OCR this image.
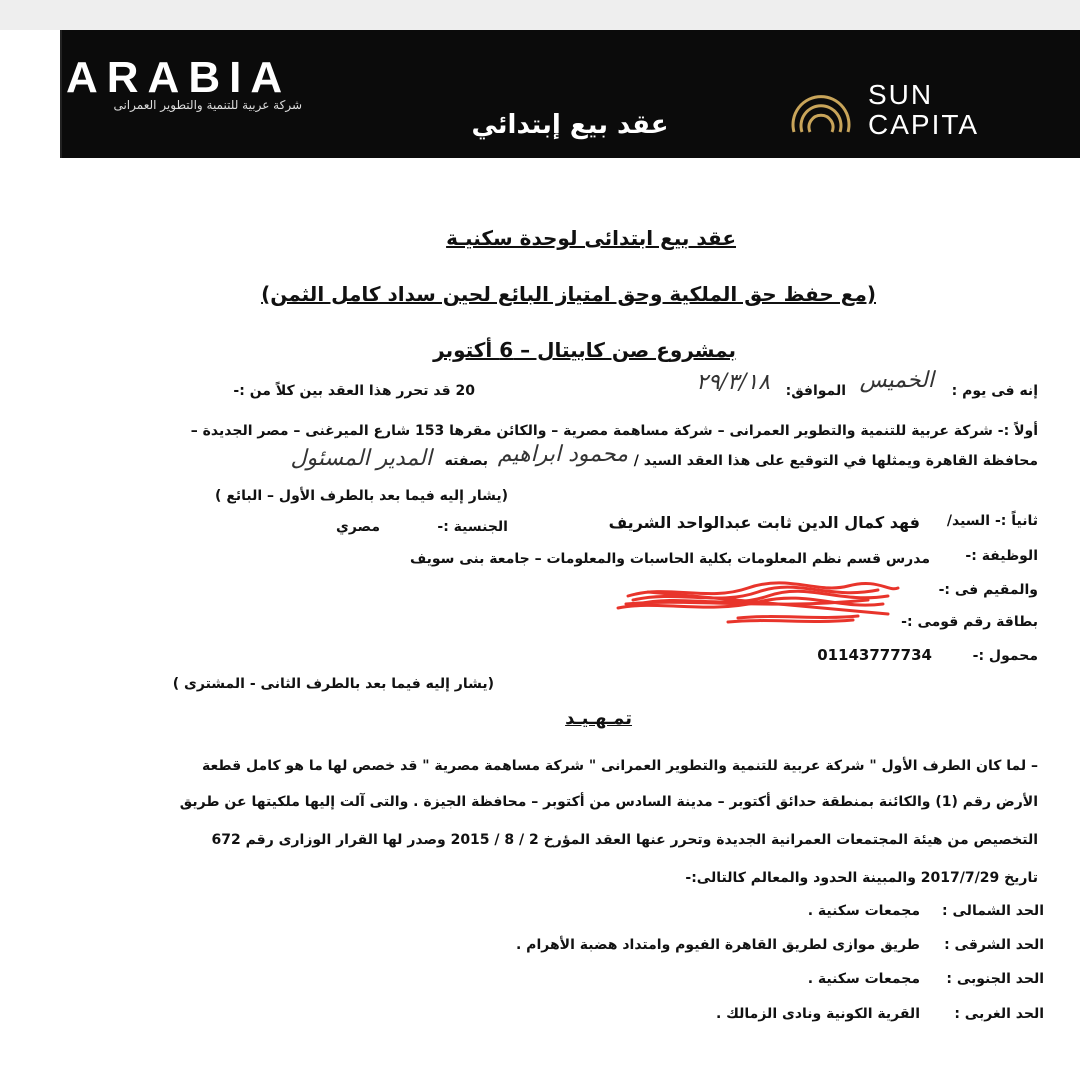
ARABIA
شركة عربية للتنمية والتطوير العمرانى
عقد بيع إبتدائي
SUN
CAPITA
عقد بيع ابتدائى لوحدة سكنيـة
(مع حفظ حق الملكية وحق امتياز البائع لحين سداد كامل الثمن)
بمشروع صن كابيتال – 6 أكتوبر
إنه فى يوم :
الخميس
الموافق:
٢٩/٣/١٨
20 قد تحرر هذا العقد بين كلاً من :-
أولاً :- شركة عربية للتنمية والتطوير العمرانى – شركة مساهمة مصرية – والكائن مقرها 153 شارع الميرغنى – مصر الجديدة –
محافظة القاهرة ويمثلها في التوقيع على هذا العقد السيد /
محمود ابراهيم
بصفته
المدير المسئول
(يشار إليه فيما بعد بالطرف الأول – البائع )
ثانياً :- السيد/
فهد كمال الدين ثابت عبدالواحد الشريف
الجنسية :-
مصري
الوظيفة :-
مدرس قسم نظم المعلومات بكلية الحاسبات والمعلومات – جامعة بنى سويف
والمقيم فى :-
بطاقة رقم قومى :-
محمول :-
01143777734
(يشار إليه فيما بعد بالطرف الثانى - المشترى )
تمـهـيـد
– لما كان الطرف الأول " شركة عربية للتنمية والتطوير العمرانى " شركة مساهمة مصرية " قد خصص لها ما هو كامل قطعة
الأرض رقم (1) والكائنة بمنطقة حدائق أكتوبر – مدينة السادس من أكتوبر – محافظة الجيزة . والتى آلت إليها ملكيتها عن طريق
التخصيص من هيئة المجتمعات العمرانية الجديدة وتحرر عنها العقد المؤرخ 2 / 8 / 2015 وصدر لها القرار الوزارى رقم 672
تاريخ 2017/7/29 والمبينة الحدود والمعالم كالتالى:-
الحد الشمالى :
مجمعات سكنية .
الحد الشرقى :
طريق موازى لطريق القاهرة الفيوم وامتداد هضبة الأهرام .
الحد الجنوبى :
مجمعات سكنية .
الحد الغربى :
القرية الكونية ونادى الزمالك .
